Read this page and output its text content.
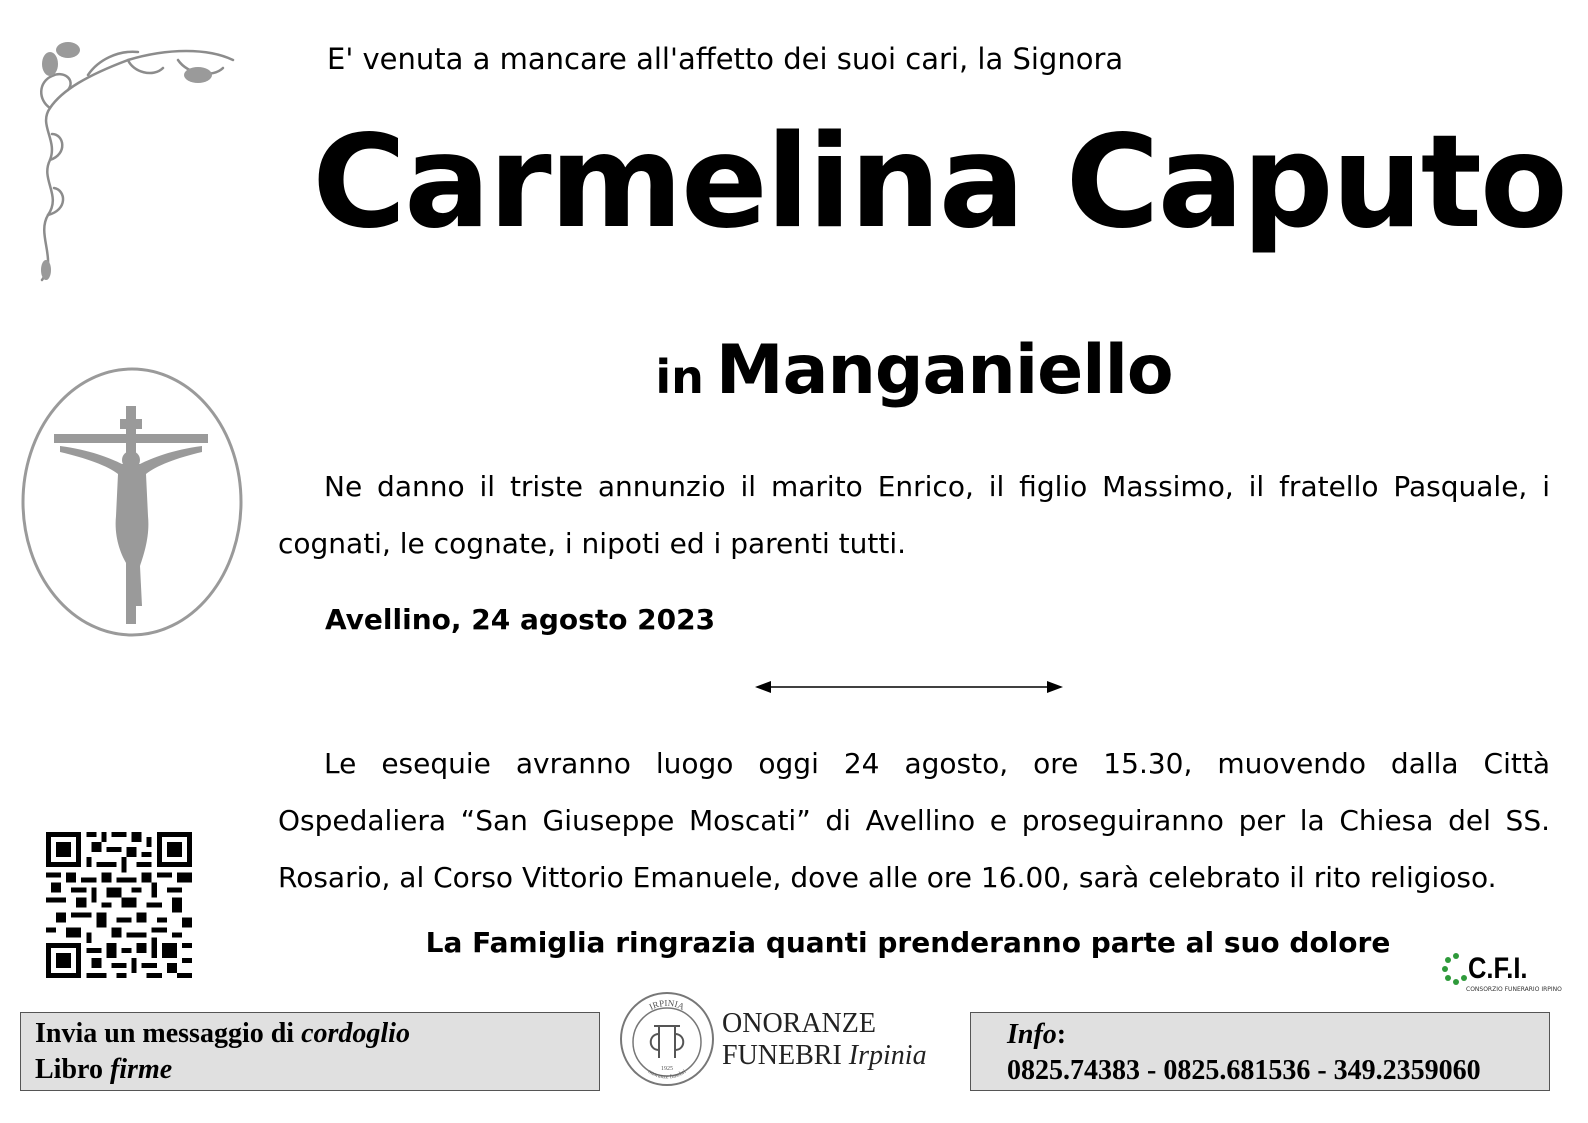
E' venuta a mancare all'affetto dei suoi cari, la Signora
Carmelina Caputo
in Manganiello
Ne danno il triste annunzio il marito Enrico, il figlio Massimo, il fratello Pasquale, i cognati, le cognate, i nipoti ed i parenti tutti.
Avellino, 24 agosto 2023
Le esequie avranno luogo oggi 24 agosto, ore 15.30, muovendo dalla Città Ospedaliera “San Giuseppe Moscati” di Avellino e proseguiranno per la Chiesa del SS. Rosario, al Corso Vittorio Emanuele, dove alle ore 16.00, sarà celebrato il rito religioso.
La Famiglia ringrazia quanti prenderanno parte al suo dolore
C.F.I.
CONSORZIO FUNERARIO IRPINO
Invia un messaggio di cordoglio
Libro firme
IRPINIA
onoranze funebri
1925
ONORANZE
FUNEBRI Irpinia
Info:
0825.74383 - 0825.681536 - 349.2359060
